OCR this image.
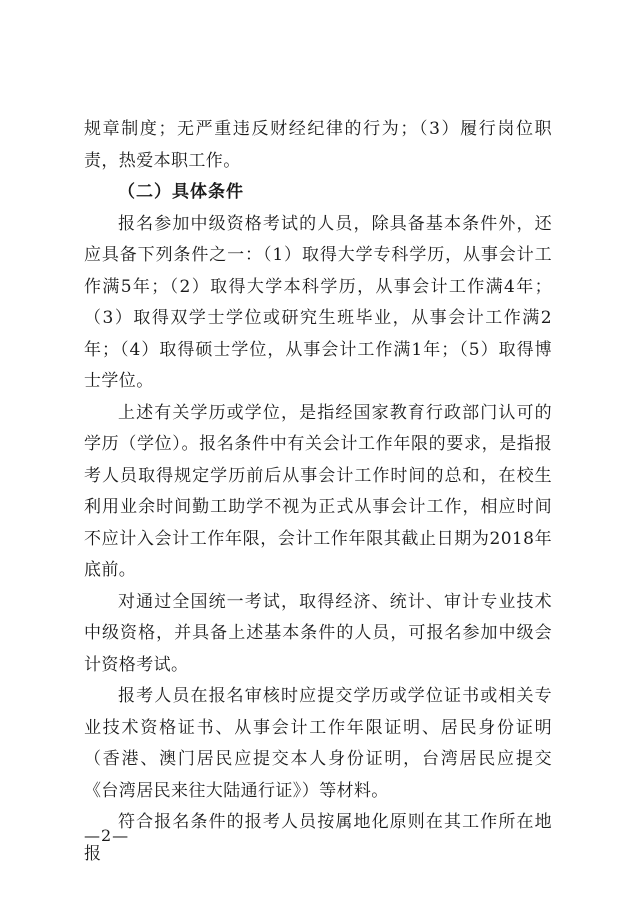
规章制度；无严重违反财经纪律的行为；（3）履行岗位职责，热爱本职工作。

（二）具体条件

报名参加中级资格考试的人员，除具备基本条件外，还应具备下列条件之一：（1）取得大学专科学历，从事会计工作满5年；（2）取得大学本科学历，从事会计工作满4年；（3）取得双学士学位或研究生班毕业，从事会计工作满2年；（4）取得硕士学位，从事会计工作满1年；（5）取得博士学位。

上述有关学历或学位，是指经国家教育行政部门认可的学历（学位）。报名条件中有关会计工作年限的要求，是指报考人员取得规定学历前后从事会计工作时间的总和，在校生利用业余时间勤工助学不视为正式从事会计工作，相应时间不应计入会计工作年限，会计工作年限其截止日期为2018年底前。

对通过全国统一考试，取得经济、统计、审计专业技术中级资格，并具备上述基本条件的人员，可报名参加中级会计资格考试。

报考人员在报名审核时应提交学历或学位证书或相关专业技术资格证书、从事会计工作年限证明、居民身份证明（香港、澳门居民应提交本人身份证明，台湾居民应提交《台湾居民来往大陆通行证》）等材料。

符合报名条件的报考人员按属地化原则在其工作所在地报

—2—
